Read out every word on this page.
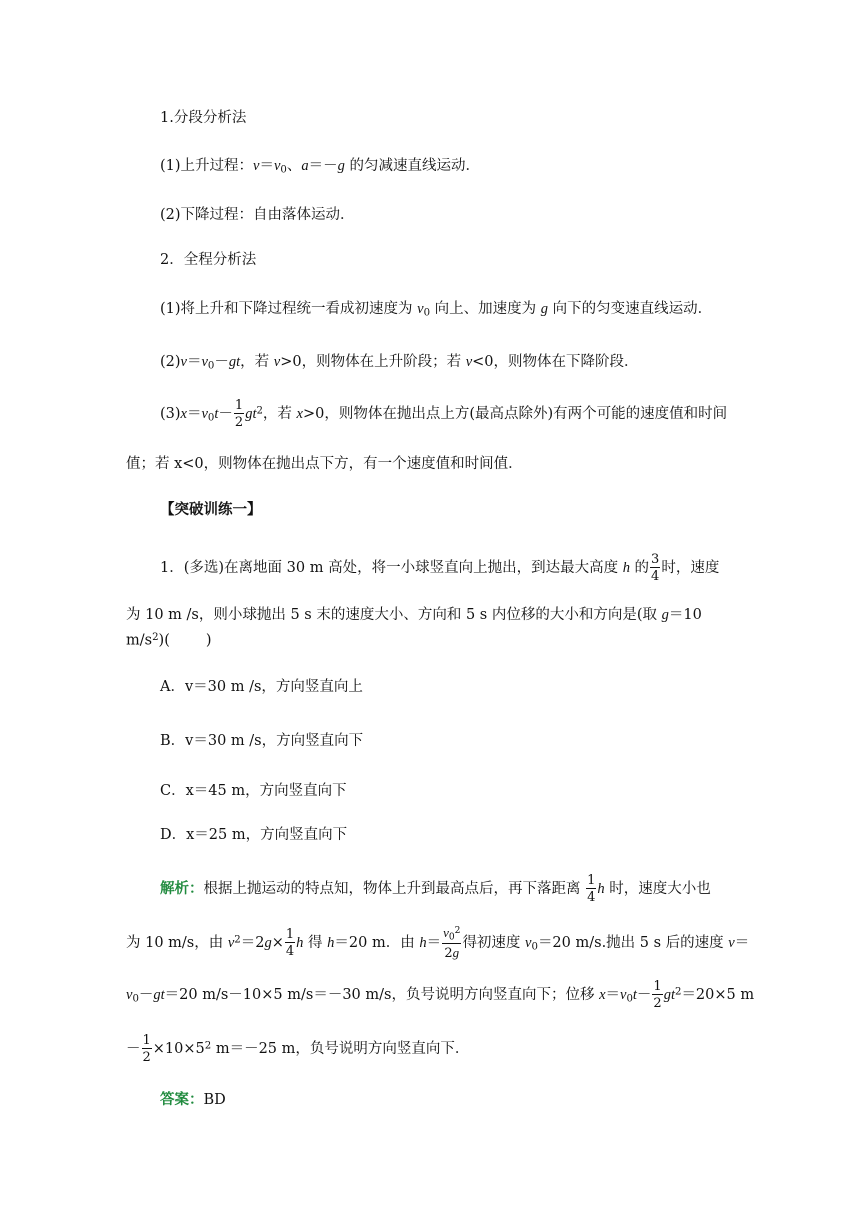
1.分段分析法
(1)上升过程：$v=v_0$、a＝－g 的匀减速直线运动．
(2)下降过程：自由落体运动．
2．全程分析法
(1)将上升和下降过程统一看成初速度为 $v_0$ 向上、加速度为 g 向下的匀变速直线运动．
$(2)v=v_0-gt$，若 v>0，则物体在上升阶段；若 v<0，则物体在下降阶段．
$(3)x=v_0t- \frac{1}{2} gt^2$，若 x>0，则物体在抛出点上方(最高点除外)有两个可能的速度值和时间
值；若 x<0，则物体在抛出点下方，有一个速度值和时间值．
【突破训练一】
1．(多选)在离地面 30 m 高处，将一小球竖直向上抛出，到达最大高度 h 的 $\frac{3}{4}$ 时，速度
为 10 m /s，则小球抛出 5 s 末的速度大小、方向和 5 s 内位移的大小和方向是(取 g＝10
$m/s^2$)( )
A．v＝30 m /s，方向竖直向上
B．v＝30 m /s，方向竖直向下
C．x＝45 m，方向竖直向下
D．x＝25 m，方向竖直向下
解析：根据上抛运动的特点知，物体上升到最高点后，再下落距离 $\frac{1}{4}$ h 时，速度大小也
为 10 m/s，由 $v^2=2g\times \frac{1}{4}$ h 得 h＝20 m．由 $h= \frac{v_0^2}{2g}$ 得初速度 $v_0=20$ m/s.抛出 5 s 后的速度 v＝
$v_0-gt=20$ m/s－10×5 m/s＝－30 m/s，负号说明方向竖直向下；位移 $x=v_0t- \frac{1}{2} gt^2=20\times 5$ m
－ $\frac{1}{2} \times 10\times 5^2$ m＝－25 m，负号说明方向竖直向下．
答案：BD
